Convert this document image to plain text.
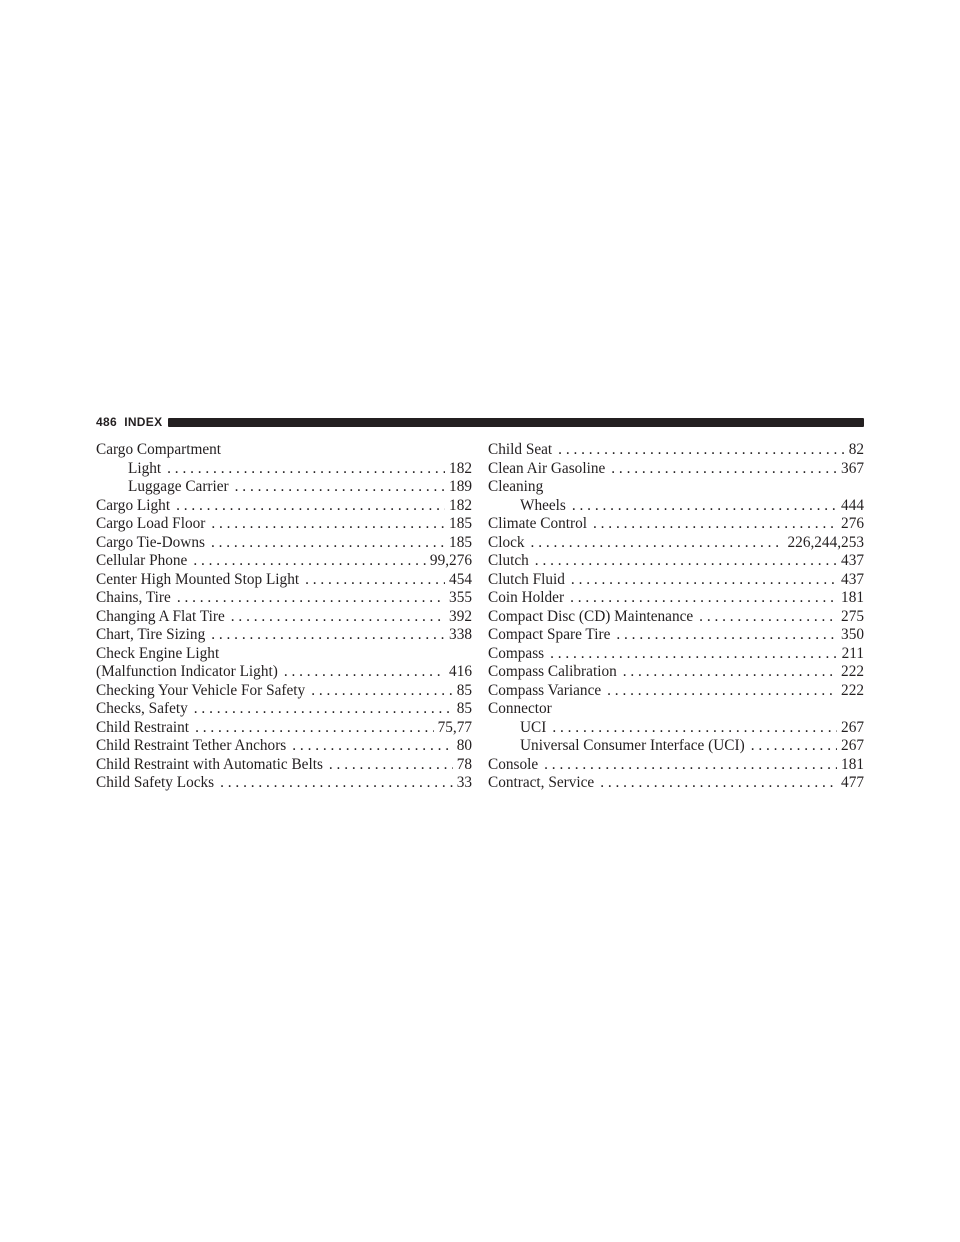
486 INDEX
Cargo Compartment
Light . . .	182
Luggage Carrier . . .	189
Cargo Light . . .	182
Cargo Load Floor . . .	185
Cargo Tie-Downs . . .	185
Cellular Phone . . .	99,276
Center High Mounted Stop Light . . .	454
Chains, Tire . . .	355
Changing A Flat Tire . . .	392
Chart, Tire Sizing . . .	338
Check Engine Light
(Malfunction Indicator Light) . . .	416
Checking Your Vehicle For Safety . . .	85
Checks, Safety . . .	85
Child Restraint . . .	75,77
Child Restraint Tether Anchors . . .	80
Child Restraint with Automatic Belts . . .	78
Child Safety Locks . . .	33
Child Seat . . .	82
Clean Air Gasoline . . .	367
Cleaning
Wheels . . .	444
Climate Control . . .	276
Clock . . .	226,244,253
Clutch . . .	437
Clutch Fluid . . .	437
Coin Holder . . .	181
Compact Disc (CD) Maintenance . . .	275
Compact Spare Tire . . .	350
Compass . . .	211
Compass Calibration . . .	222
Compass Variance . . .	222
Connector
UCI . . .	267
Universal Consumer Interface (UCI) . . .	267
Console . . .	181
Contract, Service . . .	477
